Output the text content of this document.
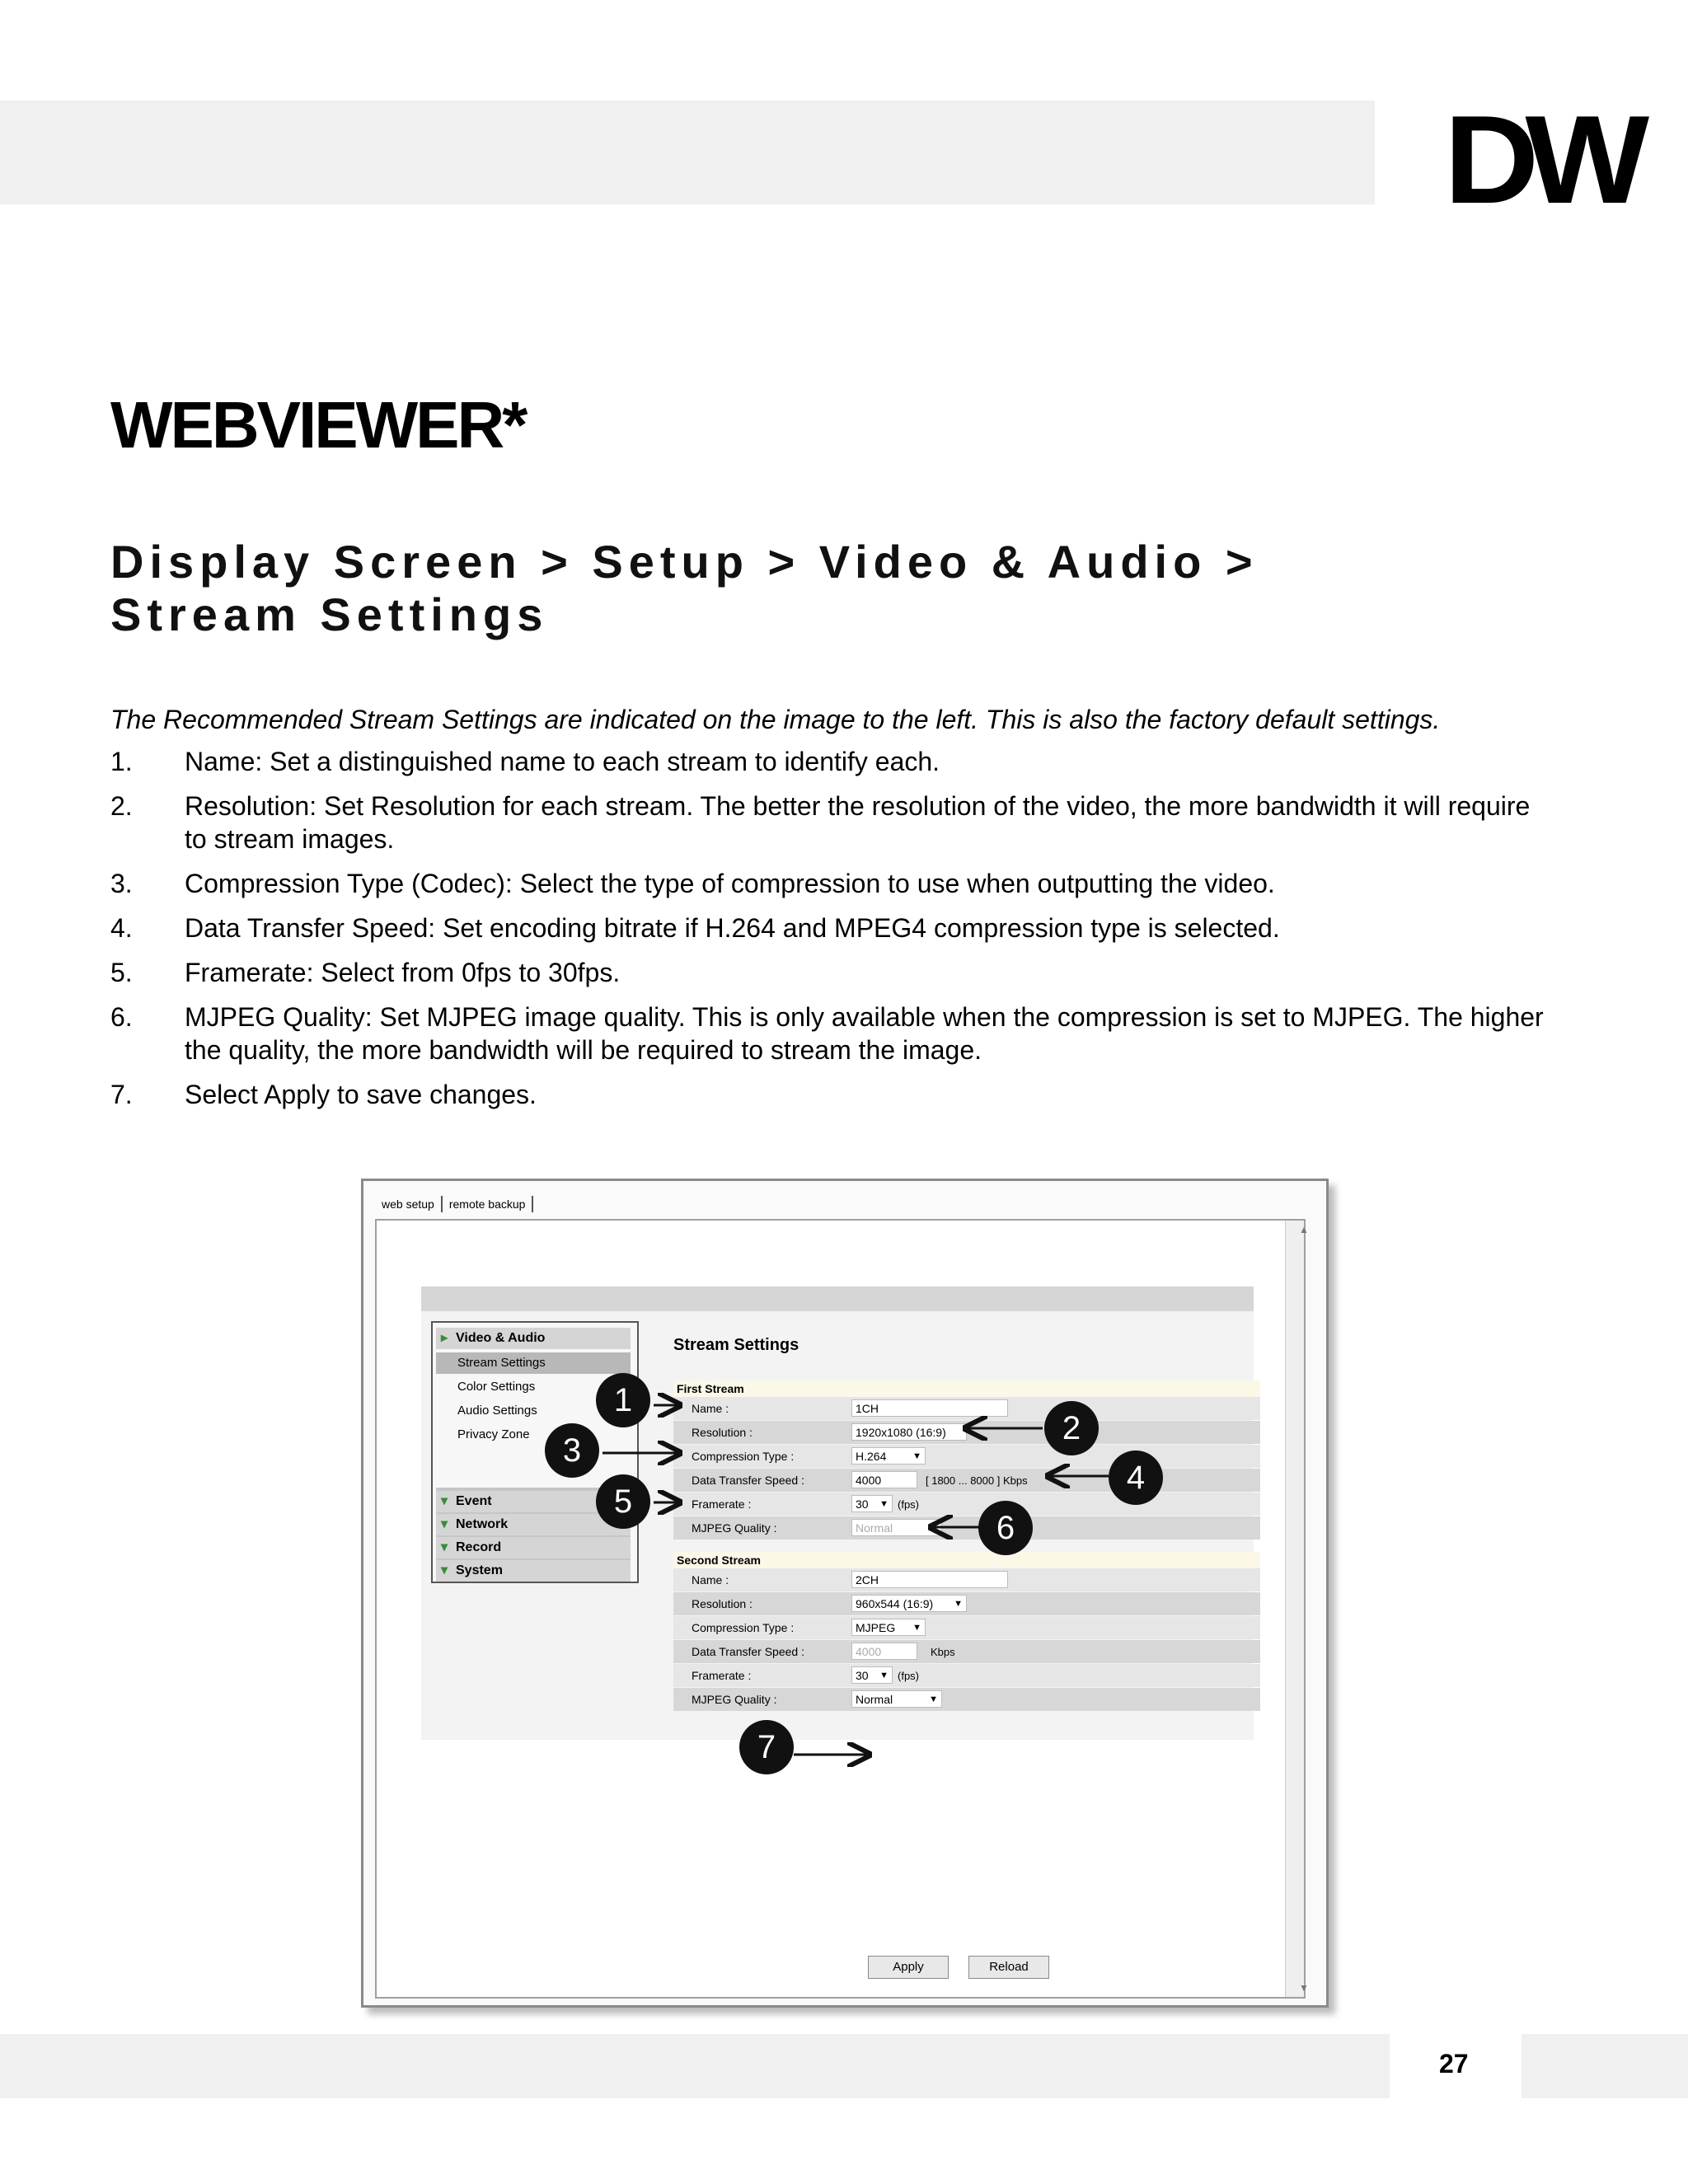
DW
WEBVIEWER*
Display Screen > Setup > Video & Audio > Stream Settings

The Recommended Stream Settings are indicated on the image to the left. This is also the factory default settings.

1.	Name: Set a distinguished name to each stream to identify each.
2.	Resolution: Set Resolution for each stream. The better the resolution of the video, the more bandwidth it will require to stream images.
3.	Compression Type (Codec): Select the type of compression to use when outputting the video.
4.	Data Transfer Speed: Set encoding bitrate if H.264 and MPEG4 compression type is selected.
5.	Framerate: Select from 0fps to 30fps.
6.	MJPEG Quality: Set MJPEG image quality. This is only available when the compression is set to MJPEG. The higher the quality, the more bandwidth will be required to stream the image.
7.	Select Apply to save changes.
web setup	remote backup
▲
▼
▸ Video & Audio
Stream Settings
Color Settings
Audio Settings
Privacy Zone
▾ Event
▾ Network
▾ Record
▾ System
Stream Settings
First Stream
Name :	1CH
Resolution :	1920x1080 (16:9)
Compression Type :	H.264	▼
Data Transfer Speed :	4000	[ 1800 ... 8000 ] Kbps
Framerate :	30 ▼ (fps)
MJPEG Quality :	Normal	▼
Second Stream
Name :	2CH
Resolution :	960x544 (16:9) ▼
Compression Type :	MJPEG ▼
Data Transfer Speed :	4000	Kbps
Framerate :	30 ▼ (fps)
MJPEG Quality :	Normal	▼
Apply	Reload
1
2
3
4
5
6
7
27
